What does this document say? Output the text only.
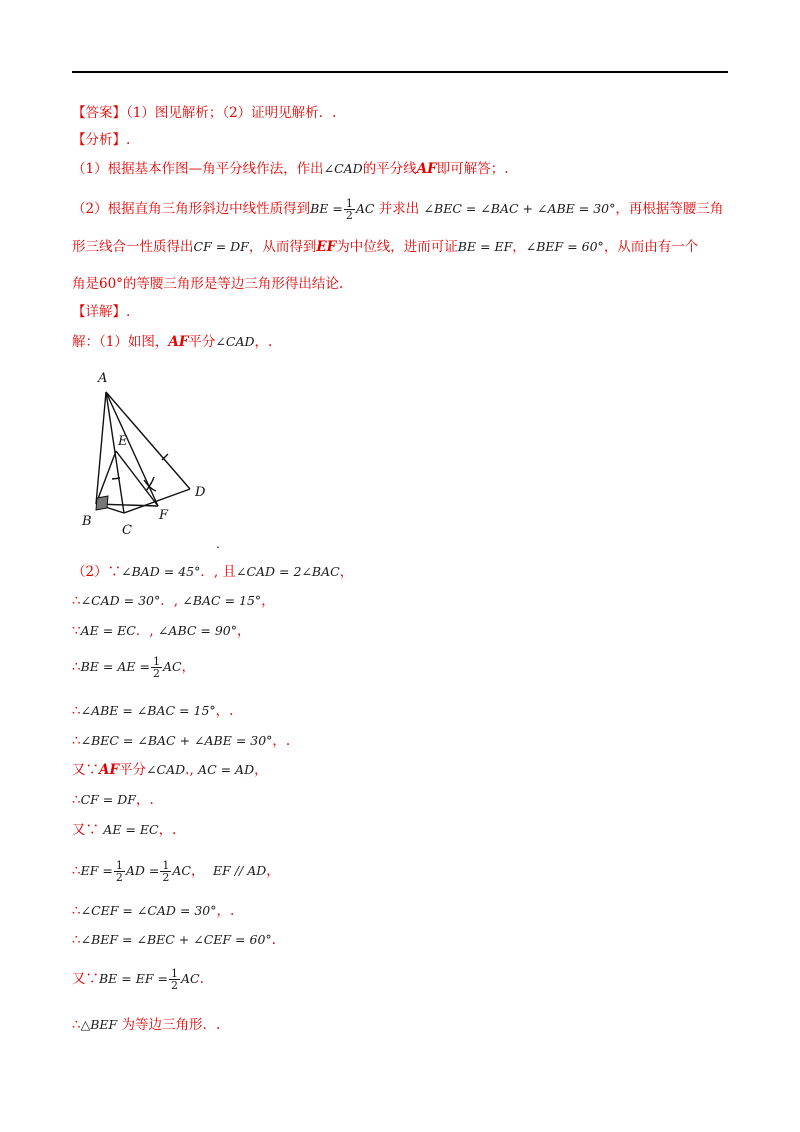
【答案】（1）图见解析；（2）证明见解析．.
【分析】.
（1）根据基本作图—角平分线作法，作出∠CAD的平分线AF即可解答；.
（2）根据直角三角形斜边中线性质得到BE = $\frac{1}{2}$ AC 并求出 ∠BEC = ∠BAC + ∠ABE = 30°，再根据等腰三角
形三线合一性质得出CF = DF，从而得到EF为中位线，进而可证BE = EF，∠BEF = 60°，从而由有一个
角是60°的等腰三角形是等边三角形得出结论.
【详解】.
解：（1）如图，AF平分∠CAD，.
A
E
D
B	F
C
.
（2）∵∠BAD = 45°．, 且∠CAD = 2∠BAC，
∴∠CAD = 30°．, ∠BAC = 15°，
∵AE = EC．, ∠ABC = 90°，
∴BE = AE = $\frac{1}{2}$ AC，
∴∠ABE = ∠BAC = 15°，.
∴∠BEC = ∠BAC + ∠ABE = 30°，.
又∵AF平分∠CAD., AC = AD，
∴CF = DF，.
又∵ AE = EC，.
∴EF = $\frac{1}{2}$ AD = $\frac{1}{2}$ AC， EF // AD，
∴∠CEF = ∠CAD = 30°，.
∴∠BEF = ∠BEC + ∠CEF = 60°.
又∵BE = EF = $\frac{1}{2}$ AC.
∴△BEF 为等边三角形．.
